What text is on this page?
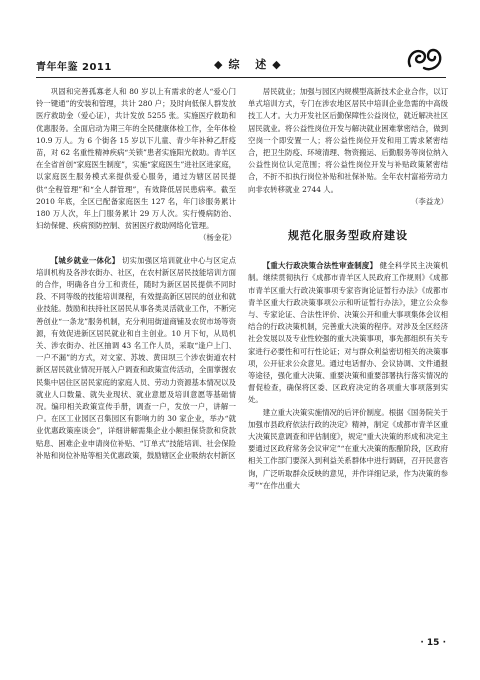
青年年鉴 2011	◆综 述◆

巩固和完善孤寡老人和 80 岁以上有需求的老人“爱心门铃一键通”的安装和管理，共计 280 户；及时向低保人群发放医疗救助金（爱心证），共计发放 5255 张。实施医疗救助和优惠服务。全面启动为期三年的全民健康体检工作，全年体检 10.9 万人。为 6 个街各 15 岁以下儿童、青少年补种乙肝疫苗，对 62 名重性精神疾病“关锁”患者实施阳光救助。青羊区在全省首创“家庭医生制度”，实施“家庭医生”进社区进家庭，以家庭医生服务模式来提供爱心服务，通过为辖区居民提供“全程管理”和“全人群管理”，有效降低居民患病率。截至 2010 年底，全区已配备家庭医生 127 名，年门诊服务累计 180 万人次，年上门服务累计 29 万人次。实行慢病防治、妇幼保健、疾病预防控制、贫困医疗救助网络化管理。

（杨金花）

【城乡就业一体化】 切实加强区培训就业中心与区定点培训机构及各涉农街办、社区，在农村新区居民技能培训方面的合作，明确各自分工和责任，随时为新区居民提供不同时段、不同等级的技能培训课程，有效提高新区居民的创业和就业技能。鼓励和扶持社区居民从事各类灵活就业工作，不断完善创业“一条龙”服务机制，充分利用街道商铺及农贸市场等资源，有效促进新区居民就业和自主创业。10 月下旬，从局机关、涉农街办、社区抽调 43 名工作人员，采取“逢户上门、一户不漏”的方式，对文家、苏坡、黄田坝三个涉农街道农村新区居民就业情况开展入户调查和政策宣传活动，全面掌握农民集中居住区居民家庭的家庭人员、劳动力资源基本情况以及就业人口数量、就失业现状、就业意愿及培训意愿等基础情况。编印相关政策宣传手册，调查一户，发放一户，讲解一户。在区工业园区召集园区有影响力的 30 家企业，举办“就业优惠政策座谈会”，详细讲解需集企业小额担保贷款和贷款贴息、困难企业申请岗位补贴、“订单式”技能培训、社会保险补贴和岗位补贴等相关优惠政策，鼓励辖区企业吸纳农村新区

居民就业；加强与园区内规模型高新技术企业合作，以订单式培训方式，专门在涉农地区居民中培训企业急需的中高级技工人才。大力开发社区后勤保障性公益岗位，就近解决社区居民就业。将公益性岗位开发与解决就业困难掌密结合，做到空岗一个即安置一人；将公益性岗位开发和用工需求紧密结合，把卫生防疫、环境清理、物资搬运、后勤服务等岗位纳入公益性岗位认定范围；将公益性岗位开发与补贴政策紧密结合，不折不扣执行岗位补贴和社保补贴。全年农村富裕劳动力向非农转移就业 2744 人。

（李益龙）

规范化服务型政府建设

【重大行政决策合法性审查制度】 健全科学民主决策机制。继续贯彻执行《成都市青羊区人民政府工作规则》《成都市青羊区重大行政决策事项专家咨询论证暂行办法》《成都市青羊区重大行政决策事项公示和听证暂行办法》，建立公众参与、专家论证、合法性评价、决策公开和重大事项集体会议相结合的行政决策机制，完善重大决策的程序。对涉及全区经济社会发展以及专业性较强的重大决策事项，事先都组织有关专家进行必要性和可行性论证；对与群众利益密切相关的决策事项，公开征求公众意见。通过电话督办、会议协调、文件通报等途径，强化重大决策、重要决策和重要部署执行落实情况的督促检查，确保将区委、区政府决定的各项重大事项落到实处。

建立重大决策实施情况的后评价制度。根据《国务院关于加强市县政府依法行政的决定》精神，制定《成都市青羊区重大决策民意调查和评估制度》，规定“重大决策的形成和决定主要通过区政府常务会议审定”“在重大决策的酝酿阶段，区政府相关工作部门要深入到利益关系群体中进行调研，召开民意咨询，广泛听取群众反映的意见，并作详细记录，作为决策的参考”“在作出重大

· 15 ·
